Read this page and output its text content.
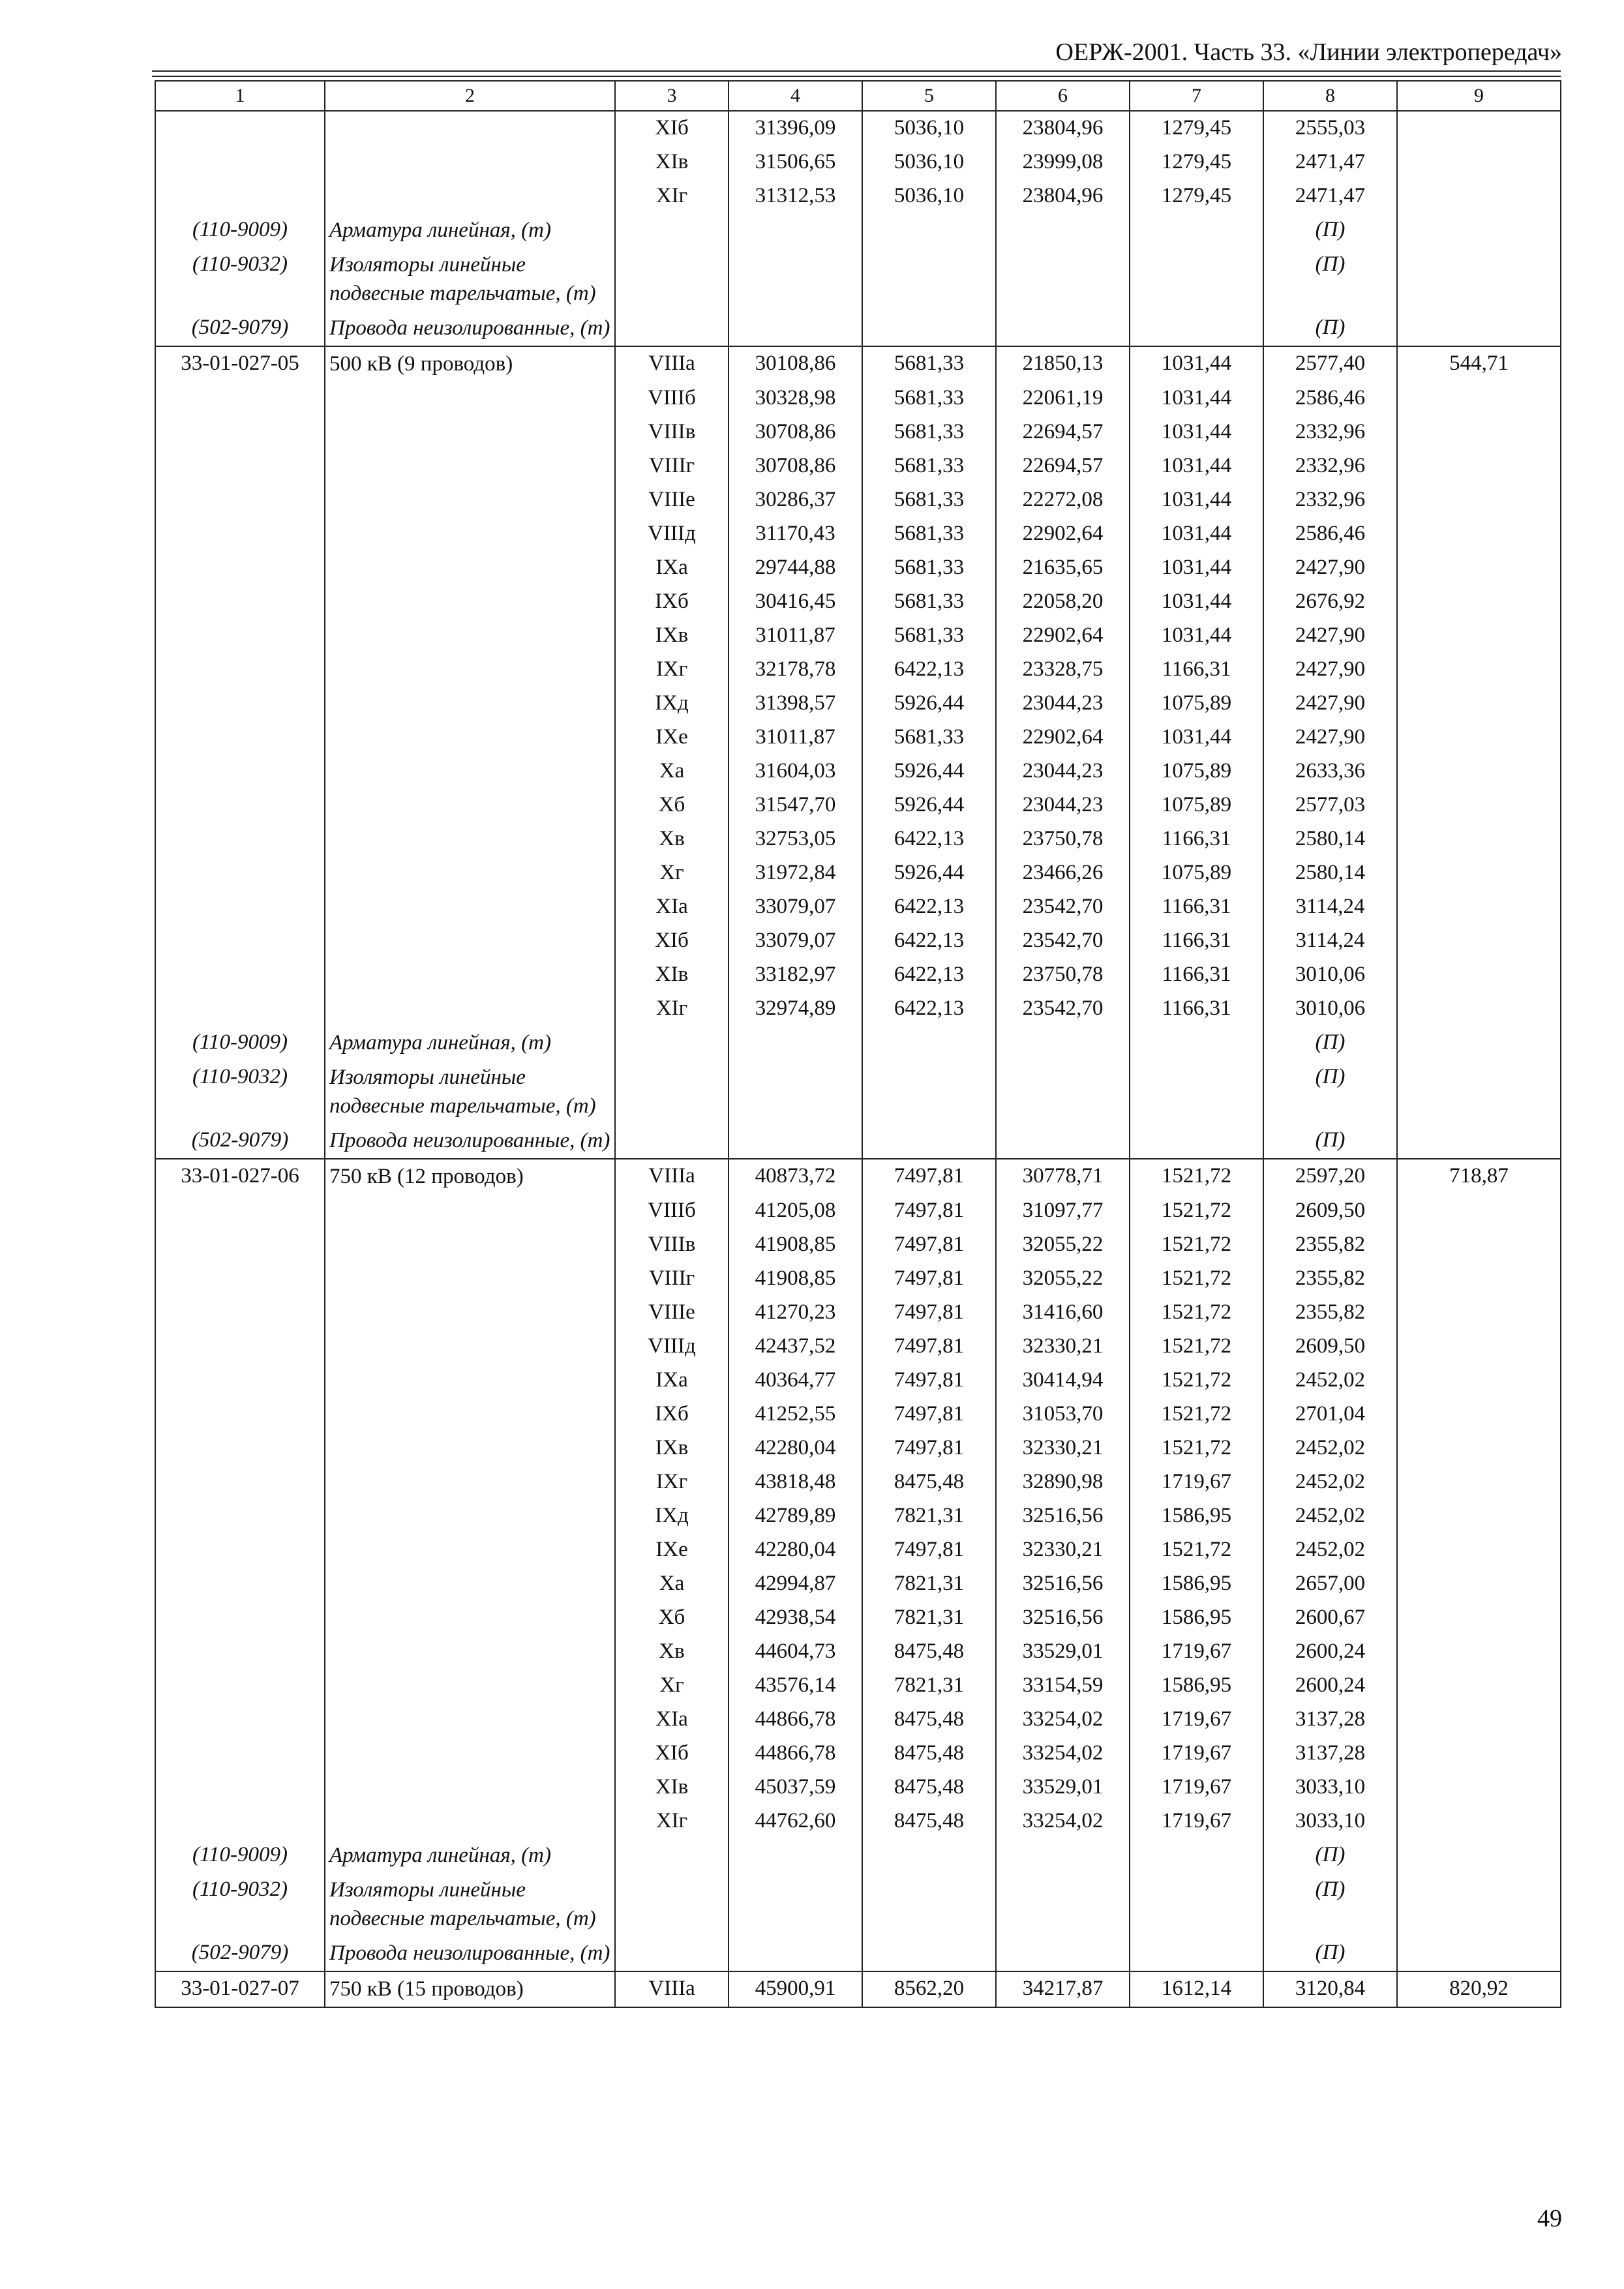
ОЕРЖ-2001. Часть 33. «Линии электропередач»
1	2	3	4	5	6	7	8	9
		XIб	31396,09	5036,10	23804,96	1279,45	2555,03	
		XIв	31506,65	5036,10	23999,08	1279,45	2471,47	
		XIг	31312,53	5036,10	23804,96	1279,45	2471,47	
(110-9009)	Арматура линейная, (т)						(П)	
(110-9032)	Изоляторы линейные подвесные тарельчатые, (т)						(П)	
(502-9079)	Провода неизолированные, (т)						(П)	
33-01-027-05	500 кВ (9 проводов)	VIIIа	30108,86	5681,33	21850,13	1031,44	2577,40	544,71
		VIIIб	30328,98	5681,33	22061,19	1031,44	2586,46	
		VIIIв	30708,86	5681,33	22694,57	1031,44	2332,96	
		VIIIг	30708,86	5681,33	22694,57	1031,44	2332,96	
		VIIIе	30286,37	5681,33	22272,08	1031,44	2332,96	
		VIIIд	31170,43	5681,33	22902,64	1031,44	2586,46	
		IXа	29744,88	5681,33	21635,65	1031,44	2427,90	
		IXб	30416,45	5681,33	22058,20	1031,44	2676,92	
		IXв	31011,87	5681,33	22902,64	1031,44	2427,90	
		IXг	32178,78	6422,13	23328,75	1166,31	2427,90	
		IXд	31398,57	5926,44	23044,23	1075,89	2427,90	
		IXе	31011,87	5681,33	22902,64	1031,44	2427,90	
		Xа	31604,03	5926,44	23044,23	1075,89	2633,36	
		Xб	31547,70	5926,44	23044,23	1075,89	2577,03	
		Xв	32753,05	6422,13	23750,78	1166,31	2580,14	
		Xг	31972,84	5926,44	23466,26	1075,89	2580,14	
		XIа	33079,07	6422,13	23542,70	1166,31	3114,24	
		XIб	33079,07	6422,13	23542,70	1166,31	3114,24	
		XIв	33182,97	6422,13	23750,78	1166,31	3010,06	
		XIг	32974,89	6422,13	23542,70	1166,31	3010,06	
(110-9009)	Арматура линейная, (т)						(П)	
(110-9032)	Изоляторы линейные подвесные тарельчатые, (т)						(П)	
(502-9079)	Провода неизолированные, (т)						(П)	
33-01-027-06	750 кВ (12 проводов)	VIIIа	40873,72	7497,81	30778,71	1521,72	2597,20	718,87
		VIIIб	41205,08	7497,81	31097,77	1521,72	2609,50	
		VIIIв	41908,85	7497,81	32055,22	1521,72	2355,82	
		VIIIг	41908,85	7497,81	32055,22	1521,72	2355,82	
		VIIIе	41270,23	7497,81	31416,60	1521,72	2355,82	
		VIIIд	42437,52	7497,81	32330,21	1521,72	2609,50	
		IXа	40364,77	7497,81	30414,94	1521,72	2452,02	
		IXб	41252,55	7497,81	31053,70	1521,72	2701,04	
		IXв	42280,04	7497,81	32330,21	1521,72	2452,02	
		IXг	43818,48	8475,48	32890,98	1719,67	2452,02	
		IXд	42789,89	7821,31	32516,56	1586,95	2452,02	
		IXе	42280,04	7497,81	32330,21	1521,72	2452,02	
		Xа	42994,87	7821,31	32516,56	1586,95	2657,00	
		Xб	42938,54	7821,31	32516,56	1586,95	2600,67	
		Xв	44604,73	8475,48	33529,01	1719,67	2600,24	
		Xг	43576,14	7821,31	33154,59	1586,95	2600,24	
		XIа	44866,78	8475,48	33254,02	1719,67	3137,28	
		XIб	44866,78	8475,48	33254,02	1719,67	3137,28	
		XIв	45037,59	8475,48	33529,01	1719,67	3033,10	
		XIг	44762,60	8475,48	33254,02	1719,67	3033,10	
(110-9009)	Арматура линейная, (т)						(П)	
(110-9032)	Изоляторы линейные подвесные тарельчатые, (т)						(П)	
(502-9079)	Провода неизолированные, (т)						(П)	
33-01-027-07	750 кВ (15 проводов)	VIIIа	45900,91	8562,20	34217,87	1612,14	3120,84	820,92
49
